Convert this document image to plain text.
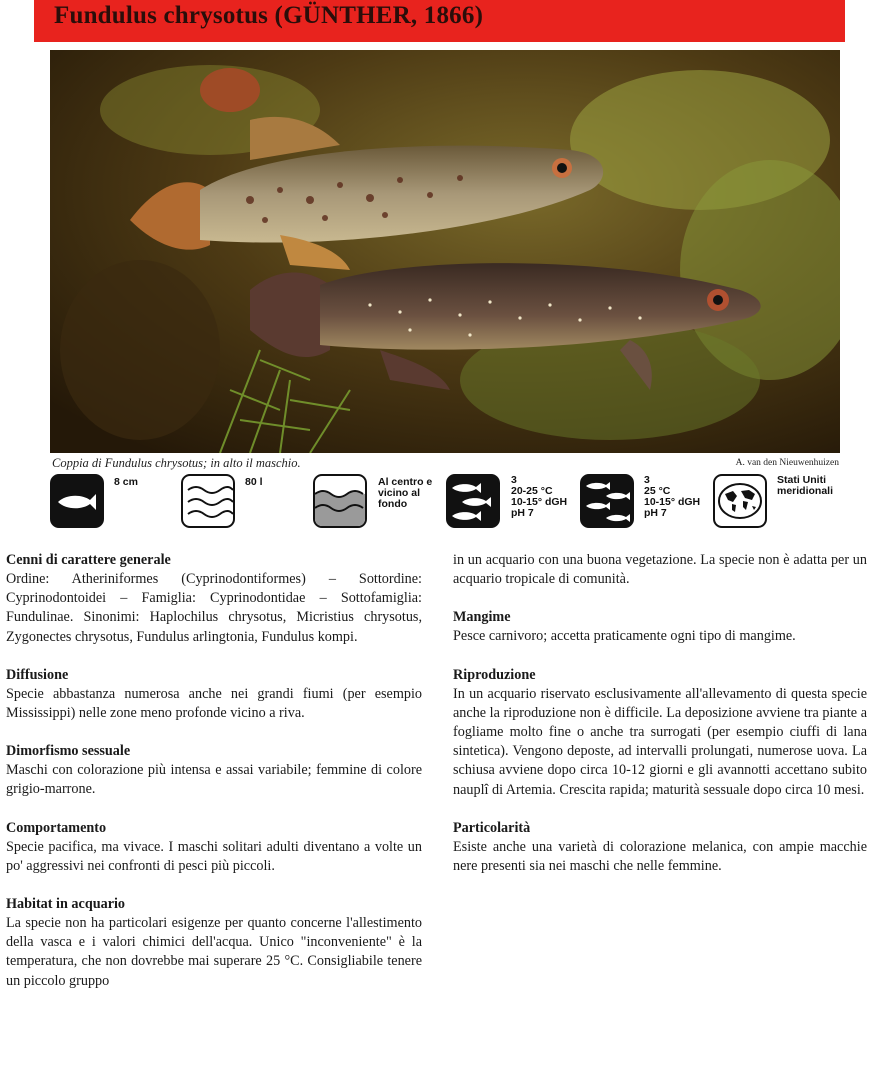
Fundulus chrysotus (GÜNTHER, 1866)
Coppia di Fundulus chrysotus; in alto il maschio.	A. van den Nieuwenhuizen
8 cm	80 l	Al centro e
vicino al
fondo
3
20-25 °C
10-15° dGH
pH 7
3
25 °C
10-15° dGH
pH 7
Stati Uniti
meridionali
Cenni di carattere generale

Ordine: Atheriniformes (Cyprinodontiformes) – Sottordine: Cyprinodontoidei – Famiglia: Cyprinodontidae – Sottofamiglia: Fundulinae. Sinonimi: Haplochilus chrysotus, Micristius chrysotus, Zygonectes chrysotus, Fundulus arlingtonia, Fundulus kompi.

Diffusione

Specie abbastanza numerosa anche nei grandi fiumi (per esempio Mississippi) nelle zone meno profonde vicino a riva.

Dimorfismo sessuale

Maschi con colorazione più intensa e assai variabile; femmine di colore grigio-marrone.

Comportamento

Specie pacifica, ma vivace. I maschi solitari adulti diventano a volte un po' aggressivi nei confronti di pesci più piccoli.

Habitat in acquario

La specie non ha particolari esigenze per quanto concerne l'allestimento della vasca e i valori chimici dell'acqua. Unico "inconveniente" è la temperatura, che non dovrebbe mai superare 25 °C. Consigliabile tenere un piccolo gruppo

in un acquario con una buona vegetazione. La specie non è adatta per un acquario tropicale di comunità.

Mangime

Pesce carnivoro; accetta praticamente ogni tipo di mangime.

Riproduzione

In un acquario riservato esclusivamente all'allevamento di questa specie anche la riproduzione non è difficile. La deposizione avviene tra piante a fogliame molto fine o anche tra surrogati (per esempio ciuffi di lana sintetica). Vengono deposte, ad intervalli prolungati, numerose uova. La schiusa avviene dopo circa 10-12 giorni e gli avannotti accettano subito nauplî di Artemia. Crescita rapida; maturità sessuale dopo circa 10 mesi.

Particolarità

Esiste anche una varietà di colorazione melanica, con ampie macchie nere presenti sia nei maschi che nelle femmine.
